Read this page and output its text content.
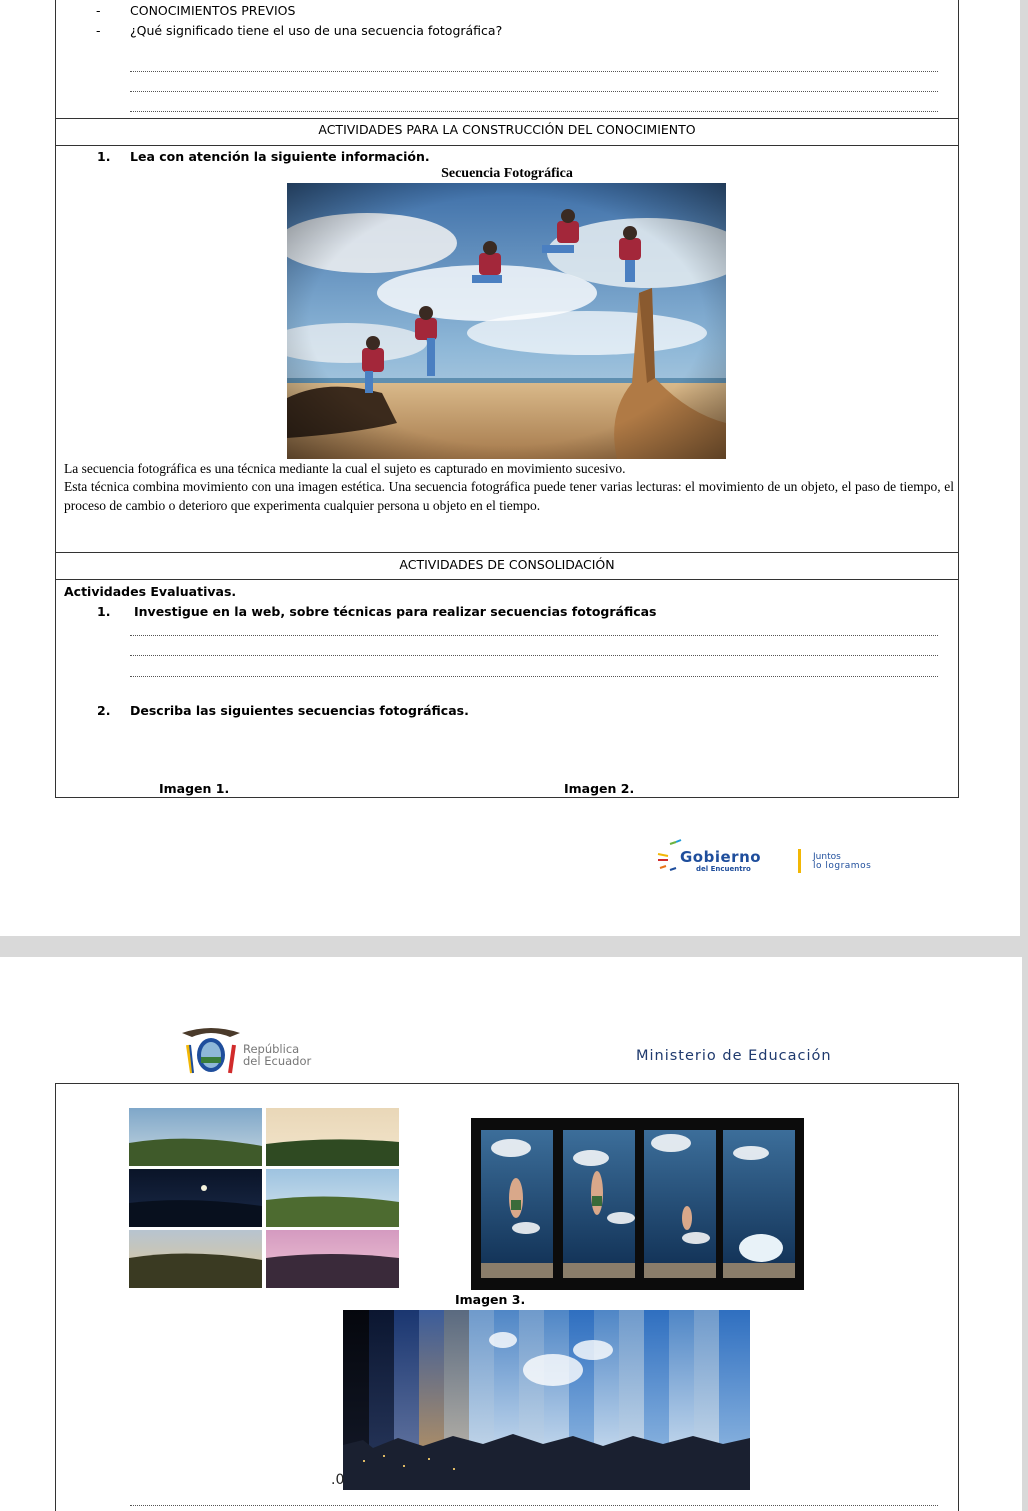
- CONOCIMIENTOS PREVIOS
- ¿Qué significado tiene el uso de una secuencia fotográfica?
ACTIVIDADES PARA LA CONSTRUCCIÓN DEL CONOCIMIENTO
1. Lea con atención la siguiente información.
Secuencia Fotográfica
La secuencia fotográfica es una técnica mediante la cual el sujeto es capturado en movimiento sucesivo.
Esta técnica combina movimiento con una imagen estética. Una secuencia fotográfica puede tener varias lecturas: el movimiento de un objeto, el paso de tiempo, el proceso de cambio o deterioro que experimenta cualquier persona u objeto en el tiempo.
ACTIVIDADES DE CONSOLIDACIÓN
Actividades Evaluativas.
1. Investigue en la web, sobre técnicas para realizar secuencias fotográficas
2. Describa las siguientes secuencias fotográficas.
Imagen 1.	Imagen 2.
Gobierno
del Encuentro
Juntos
lo logramos
República
del Ecuador	Ministerio de Educación
Imagen 3.
.0
